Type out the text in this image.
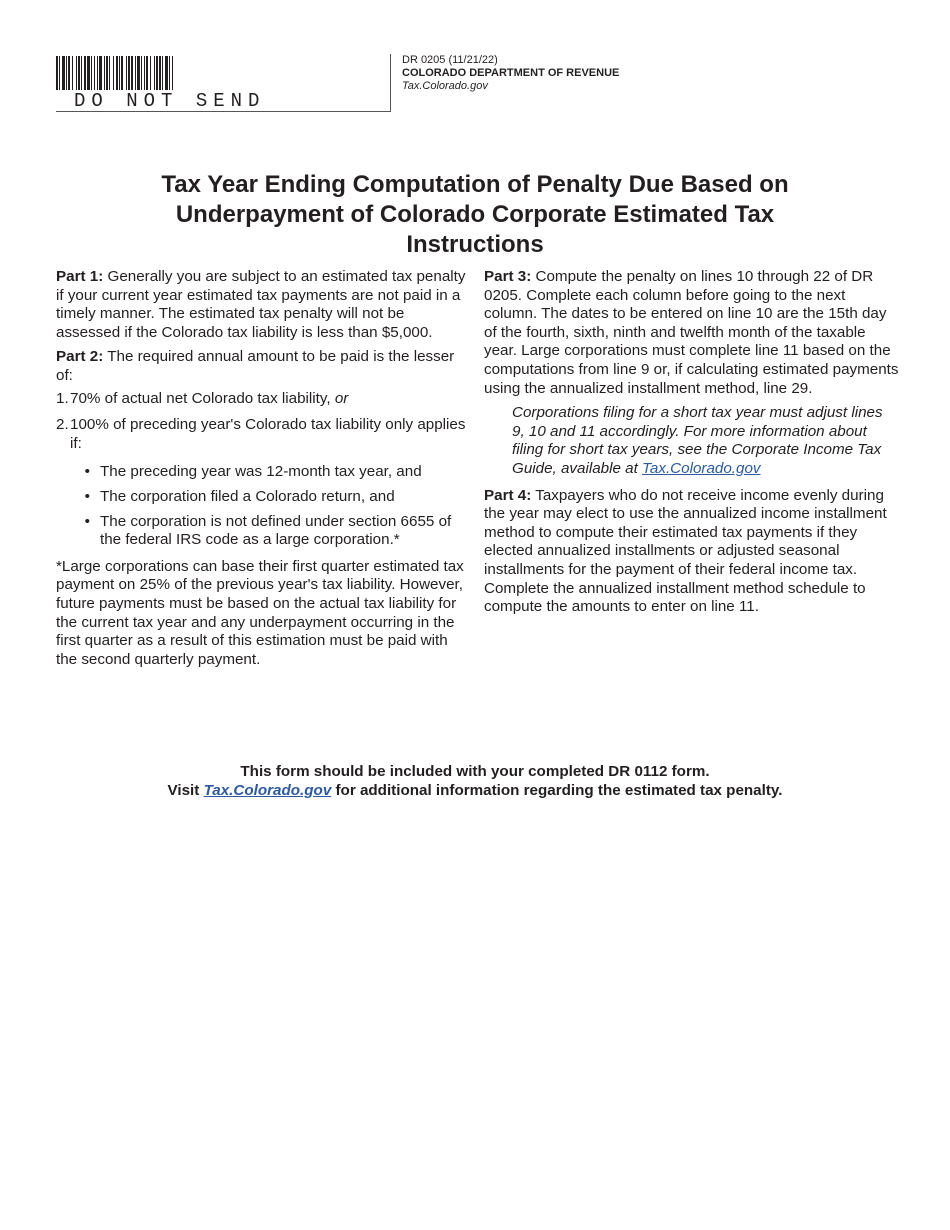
DO NOT SEND
DR 0205 (11/21/22)
COLORADO DEPARTMENT OF REVENUE
Tax.Colorado.gov
Tax Year Ending Computation of Penalty Due Based on
Underpayment of Colorado Corporate Estimated Tax
Instructions

Part 1: Generally you are subject to an estimated tax penalty if your current year estimated tax payments are not paid in a timely manner. The estimated tax penalty will not be assessed if the Colorado tax liability is less than $5,000.

Part 2: The required annual amount to be paid is the lesser of:

1. 70% of actual net Colorado tax liability, or
2. 100% of preceding year's Colorado tax liability only applies if:
• The preceding year was 12-month tax year, and
• The corporation filed a Colorado return, and
• The corporation is not defined under section 6655 of the federal IRS code as a large corporation.*

*Large corporations can base their first quarter estimated tax payment on 25% of the previous year's tax liability. However, future payments must be based on the actual tax liability for the current tax year and any underpayment occurring in the first quarter as a result of this estimation must be paid with the second quarterly payment.

Part 3: Compute the penalty on lines 10 through 22 of DR 0205. Complete each column before going to the next column. The dates to be entered on line 10 are the 15th day of the fourth, sixth, ninth and twelfth month of the taxable year. Large corporations must complete line 11 based on the computations from line 9 or, if calculating estimated payments using the annualized installment method, line 29.

Corporations filing for a short tax year must adjust lines 9, 10 and 11 accordingly. For more information about filing for short tax years, see the Corporate Income Tax Guide, available at Tax.Colorado.gov

Part 4: Taxpayers who do not receive income evenly during the year may elect to use the annualized income installment method to compute their estimated tax payments if they elected annualized installments or adjusted seasonal installments for the payment of their federal income tax. Complete the annualized installment method schedule to compute the amounts to enter on line 11.

This form should be included with your completed DR 0112 form.
Visit Tax.Colorado.gov for additional information regarding the estimated tax penalty.
